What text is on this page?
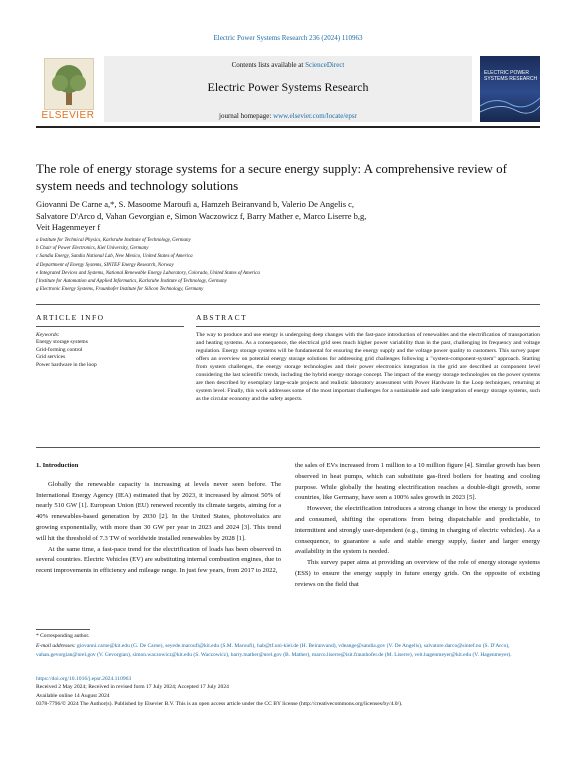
Electric Power Systems Research 236 (2024) 110963
ELSEVIER
Contents lists available at ScienceDirect
Electric Power Systems Research
journal homepage: www.elsevier.com/locate/epsr
ELECTRIC POWER SYSTEMS RESEARCH
The role of energy storage systems for a secure energy supply: A comprehensive review of system needs and technology solutions
Giovanni De Carne a,*, S. Masoome Maroufi a, Hamzeh Beiranvand b, Valerio De Angelis c,
Salvatore D'Arco d, Vahan Gevorgian e, Simon Waczowicz f, Barry Mather e, Marco Liserre b,g,
Veit Hagenmeyer f
a Institute for Technical Physics, Karlsruhe Institute of Technology, Germany
b Chair of Power Electronics, Kiel University, Germany
c Sandia Energy, Sandia National Lab, New Mexico, United States of America
d Department of Energy Systems, SINTEF Energy Research, Norway
e Integrated Devices and Systems, National Renewable Energy Laboratory, Colorado, United States of America
f Institute for Automation and Applied Informatics, Karlsruhe Institute of Technology, Germany
g Electronic Energy Systems, Fraunhofer Institute for Silicon Technology, Germany
ARTICLE INFO	ABSTRACT
Keywords:
Energy storage systems
Grid-forming control
Grid services
Power hardware in the loop
The way to produce and use energy is undergoing deep changes with the fast-pace introduction of renewables and the electrification of transportation and heating systems. As a consequence, the electrical grid sees much higher power variability than in the past, challenging its frequency and voltage regulation. Energy storage systems will be fundamental for ensuring the energy supply and the voltage power quality to customers. This survey paper offers an overview on potential energy storage solutions for addressing grid challenges following a "system-component-system" approach. Starting from system challenges, the energy storage technologies and their power electronics integration in the grid are described at component level considering the last scientific trends, including the hybrid energy storage concept. The impact of the energy storage technologies on the power systems are then described by exemplary large-scale projects and realistic laboratory assessment with Power Hardware In the Loop techniques, returning at system level. Finally, this work addresses some of the most important challenges for a sustainable and safe integration of energy storage systems, such as the circular economy and the safety aspects.

1. Introduction

Globally the renewable capacity is increasing at levels never seen before. The International Energy Agency (IEA) estimated that by 2023, it increased by almost 50% of nearly 510 GW [1]. European Union (EU) renewed recently its climate targets, aiming for a 40% renewables-based generation by 2030 [2]. In the United States, photovoltaics are growing exponentially, with more than 30 GW per year in 2023 and 2024 [3]. This trend will hit the threshold of 7.3 TW of worldwide installed renewables by 2028 [1].

At the same time, a fast-pace trend for the electrification of loads has been observed in several countries. Electric Vehicles (EV) are substituting internal combustion engines, due to recent improvements in efficiency and mileage range. In just few years, from 2017 to 2022,

the sales of EVs increased from 1 million to a 10 million figure [4]. Similar growth has been observed in heat pumps, which can substitute gas-fired boilers for heating and cooling purpose. While globally the heating electrification reaches a double-digit growth, some countries, like Germany, have seen a 100% sales growth in 2023 [5].

However, the electrification introduces a strong change in how the energy is produced and consumed, shifting the operations from being dispatchable and predictable, to intermittent and strongly user-dependent (e.g., timing in charging of electric vehicles). As a consequence, to guarantee a safe and stable energy supply, faster and larger energy availability in the system is needed.

This survey paper aims at providing an overview of the role of energy storage systems (ESS) to ensure the energy supply in future energy grids. On the opposite of existing reviews on the field that

* Corresponding author.

E-mail addresses: giovanni.carne@kit.edu (G. De Carne), seyede.maroufi@kit.edu (S.M. Maroufi), hab@tf.uni-kiel.de (H. Beiranvand), vdeange@sandia.gov (V. De Angelis), salvatore.darco@sintef.no (S. D'Arco), vahan.gevorgian@nrel.gov (V. Gevorgian), simon.waczowicz@kit.edu (S. Waczowicz), barry.mather@nrel.gov (B. Mather), marco.liserre@isit.fraunhofer.de (M. Liserre), veit.hagenmeyer@kit.edu (V. Hagenmeyer).

https://doi.org/10.1016/j.epsr.2024.110963

Received 2 May 2024; Received in revised form 17 July 2024; Accepted 17 July 2024

Available online 14 August 2024

0378-7796/© 2024 The Author(s). Published by Elsevier B.V. This is an open access article under the CC BY license (http://creativecommons.org/licenses/by/4.0/).
